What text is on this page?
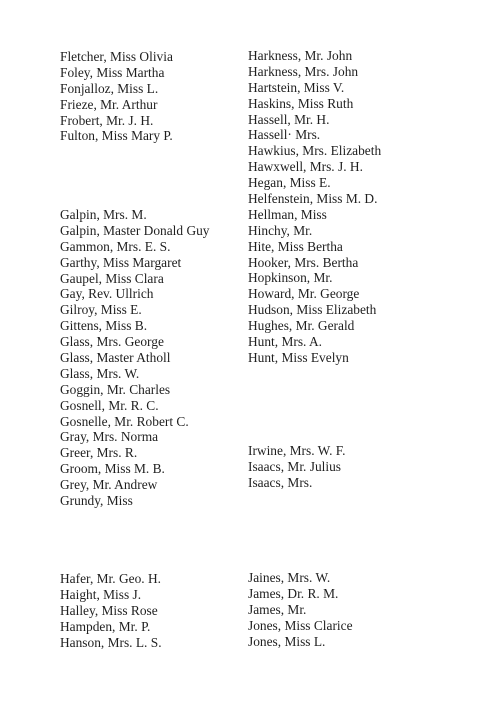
Fletcher, Miss Olivia
Foley, Miss Martha
Fonjalloz, Miss L.
Frieze, Mr. Arthur
Frobert, Mr. J. H.
Fulton, Miss Mary P.
Galpin, Mrs. M.
Galpin, Master Donald Guy
Gammon, Mrs. E. S.
Garthy, Miss Margaret
Gaupel, Miss Clara
Gay, Rev. Ullrich
Gilroy, Miss E.
Gittens, Miss B.
Glass, Mrs. George
Glass, Master Atholl
Glass, Mrs. W.
Goggin, Mr. Charles
Gosnell, Mr. R. C.
Gosnelle, Mr. Robert C.
Gray, Mrs. Norma
Greer, Mrs. R.
Groom, Miss M. B.
Grey, Mr. Andrew
Grundy, Miss
Hafer, Mr. Geo. H.
Haight, Miss J.
Halley, Miss Rose
Hampden, Mr. P.
Hanson, Mrs. L. S.
Harkness, Mr. John
Harkness, Mrs. John
Hartstein, Miss V.
Haskins, Miss Ruth
Hassell, Mr. H.
Hassell· Mrs.
Hawkius, Mrs. Elizabeth
Hawxwell, Mrs. J. H.
Hegan, Miss E.
Helfenstein, Miss M. D.
Hellman, Miss
Hinchy, Mr.
Hite, Miss Bertha
Hooker, Mrs. Bertha
Hopkinson, Mr.
Howard, Mr. George
Hudson, Miss Elizabeth
Hughes, Mr. Gerald
Hunt, Mrs. A.
Hunt, Miss Evelyn
Irwine, Mrs. W. F.
Isaacs, Mr. Julius
Isaacs, Mrs.
Jaines, Mrs. W.
James, Dr. R. M.
James, Mr.
Jones, Miss Clarice
Jones, Miss L.
